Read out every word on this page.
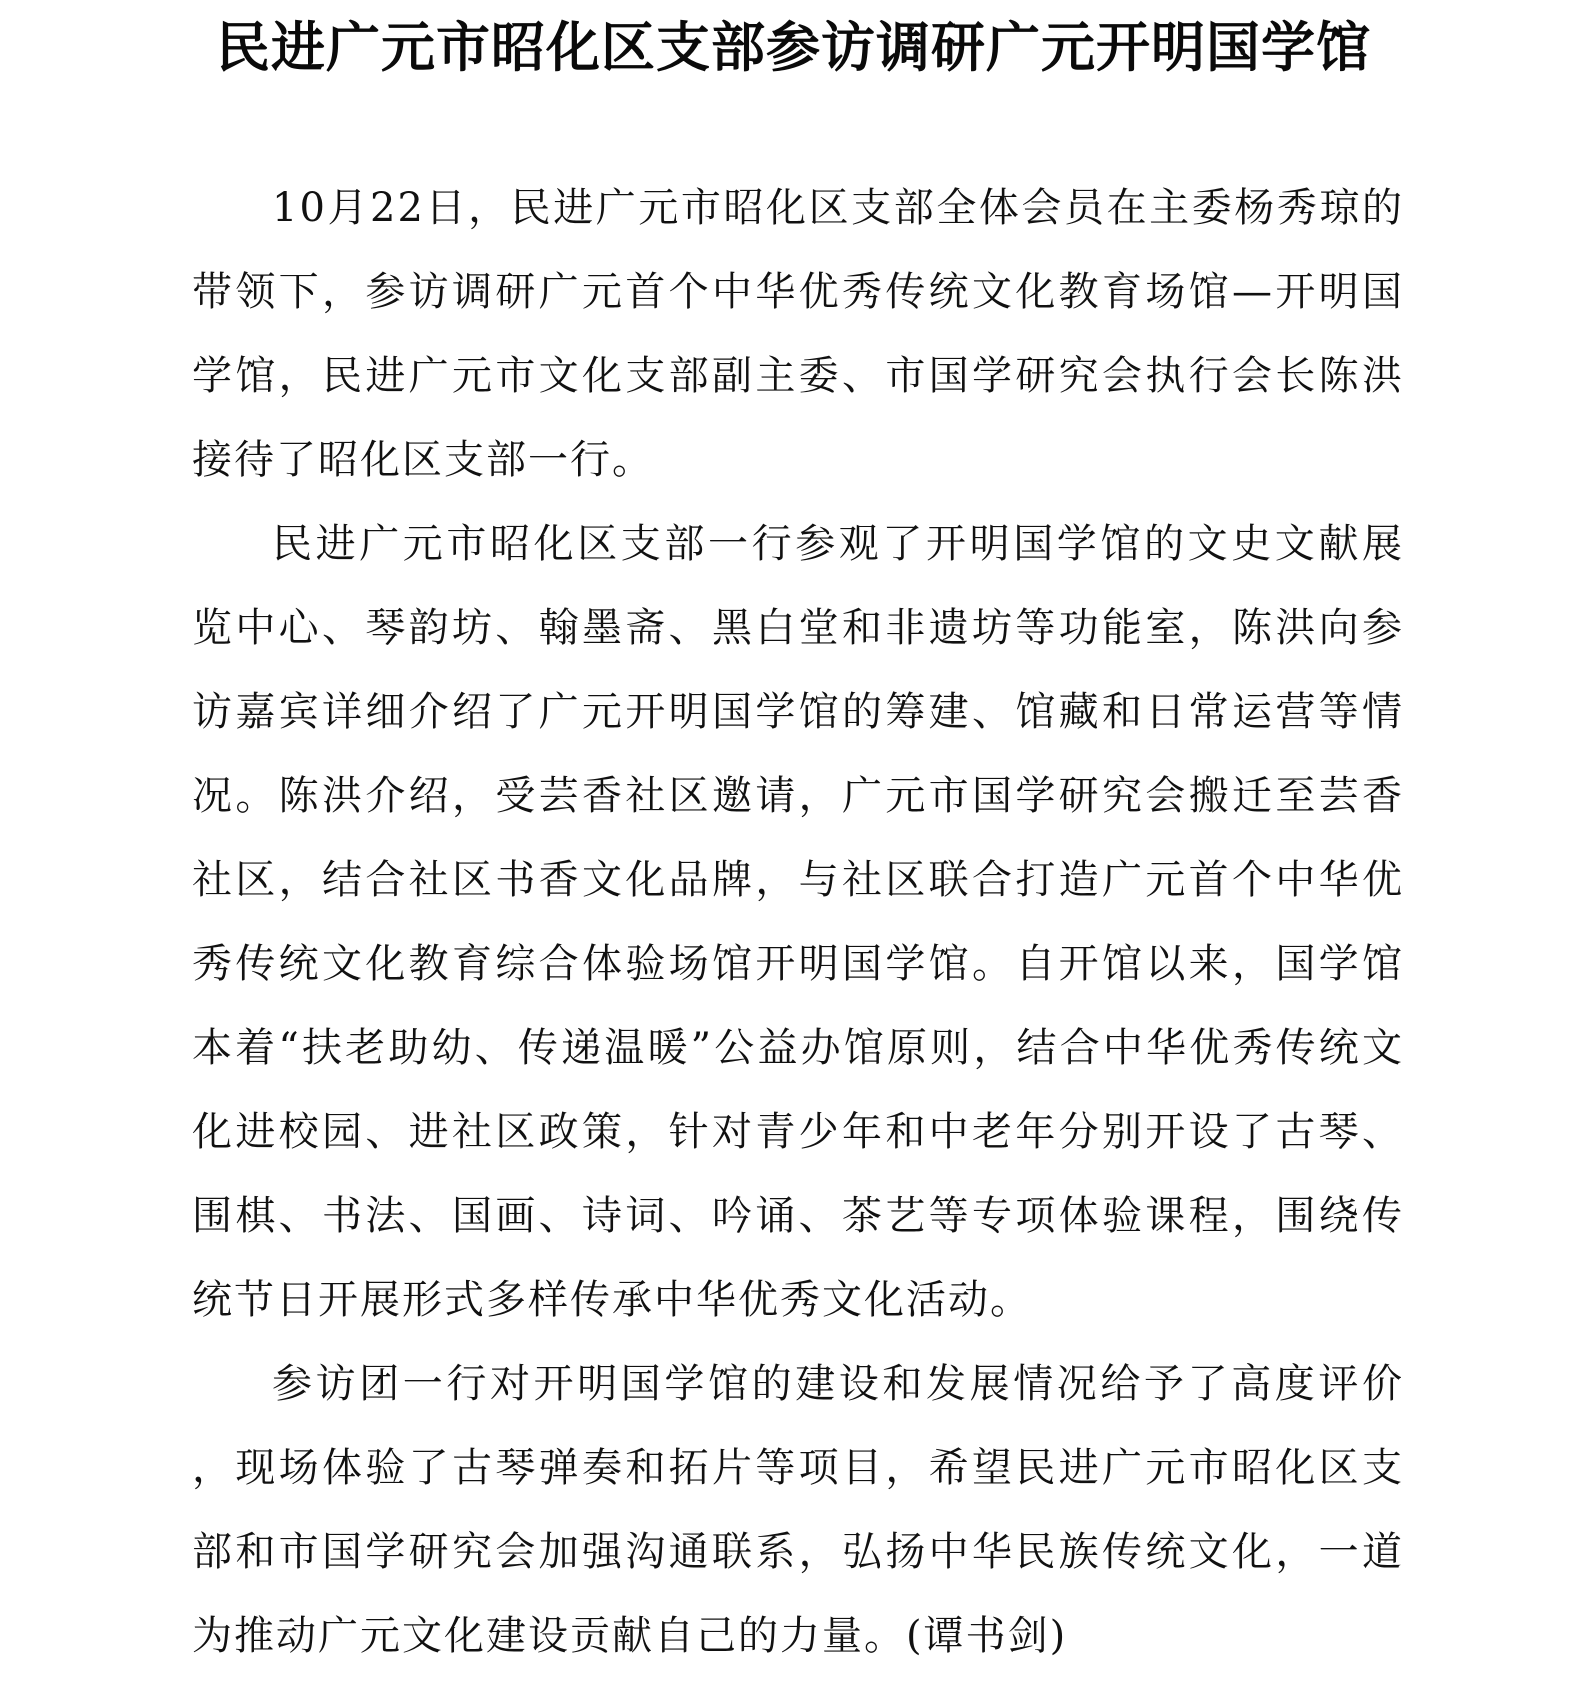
民进广元市昭化区支部参访调研广元开明国学馆

10月22日，民进广元市昭化区支部全体会员在主委杨秀琼的带领下，参访调研广元首个中华优秀传统文化教育场馆—开明国学馆，民进广元市文化支部副主委、市国学研究会执行会长陈洪接待了昭化区支部一行。

民进广元市昭化区支部一行参观了开明国学馆的文史文献展览中心、琴韵坊、翰墨斋、黑白堂和非遗坊等功能室，陈洪向参访嘉宾详细介绍了广元开明国学馆的筹建、馆藏和日常运营等情况。陈洪介绍，受芸香社区邀请，广元市国学研究会搬迁至芸香社区，结合社区书香文化品牌，与社区联合打造广元首个中华优秀传统文化教育综合体验场馆开明国学馆。自开馆以来，国学馆本着“扶老助幼、传递温暖”公益办馆原则，结合中华优秀传统文化进校园、进社区政策，针对青少年和中老年分别开设了古琴、围棋、书法、国画、诗词、吟诵、茶艺等专项体验课程，围绕传统节日开展形式多样传承中华优秀文化活动。

参访团一行对开明国学馆的建设和发展情况给予了高度评价，现场体验了古琴弹奏和拓片等项目，希望民进广元市昭化区支部和市国学研究会加强沟通联系，弘扬中华民族传统文化，一道为推动广元文化建设贡献自己的力量。(谭书剑)
